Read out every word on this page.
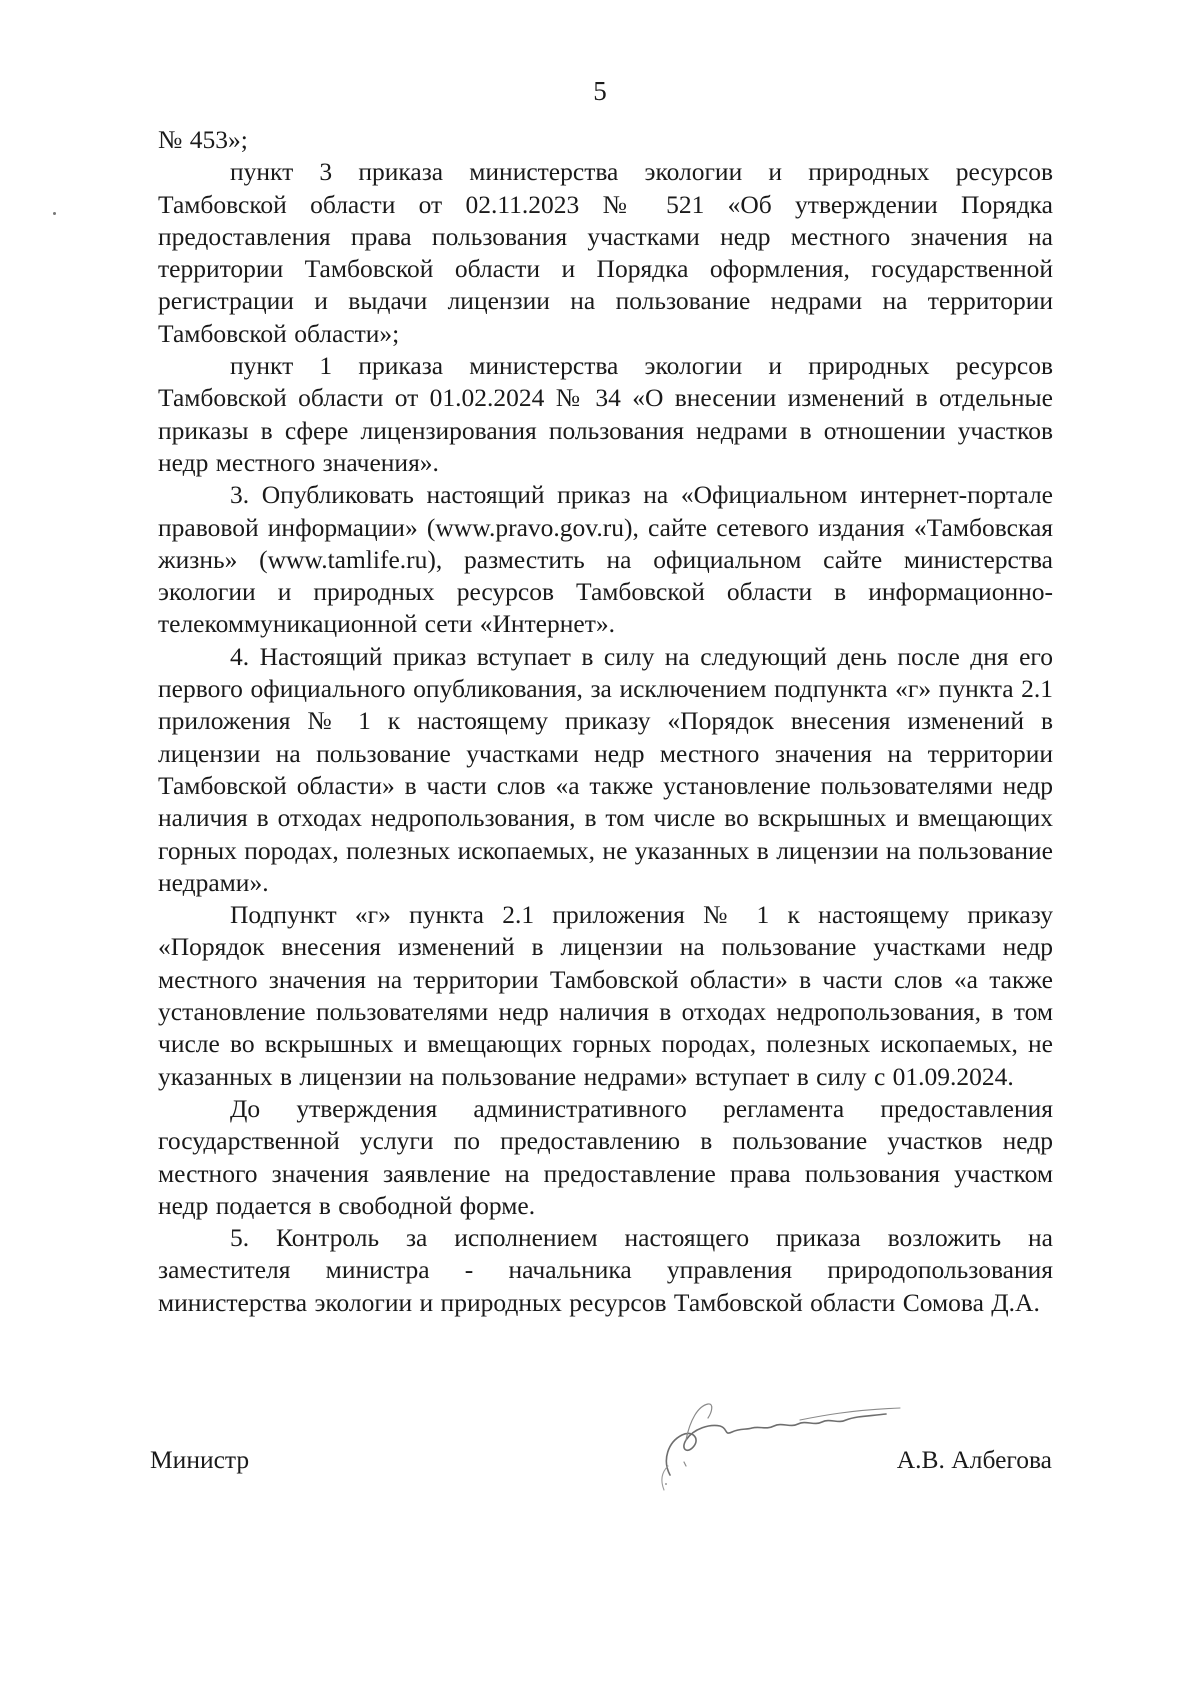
5

№ 453»;

пункт 3 приказа министерства экологии и природных ресурсов Тамбовской области от 02.11.2023 № 521 «Об утверждении Порядка предоставления права пользования участками недр местного значения на территории Тамбовской области и Порядка оформления, государственной регистрации и выдачи лицензии на пользование недрами на территории Тамбовской области»;

пункт 1 приказа министерства экологии и природных ресурсов Тамбовской области от 01.02.2024 № 34 «О внесении изменений в отдельные приказы в сфере лицензирования пользования недрами в отношении участков недр местного значения».

3. Опубликовать настоящий приказ на «Официальном интернет-портале правовой информации» (www.pravo.gov.ru), сайте сетевого издания «Тамбовская жизнь» (www.tamlife.ru), разместить на официальном сайте министерства экологии и природных ресурсов Тамбовской области в информационно-телекоммуникационной сети «Интернет».

4. Настоящий приказ вступает в силу на следующий день после дня его первого официального опубликования, за исключением подпункта «г» пункта 2.1 приложения № 1 к настоящему приказу «Порядок внесения изменений в лицензии на пользование участками недр местного значения на территории Тамбовской области» в части слов «а также установление пользователями недр наличия в отходах недропользования, в том числе во вскрышных и вмещающих горных породах, полезных ископаемых, не указанных в лицензии на пользование недрами».

Подпункт «г» пункта 2.1 приложения № 1 к настоящему приказу «Порядок внесения изменений в лицензии на пользование участками недр местного значения на территории Тамбовской области» в части слов «а также установление пользователями недр наличия в отходах недропользования, в том числе во вскрышных и вмещающих горных породах, полезных ископаемых, не указанных в лицензии на пользование недрами» вступает в силу с 01.09.2024.

До утверждения административного регламента предоставления государственной услуги по предоставлению в пользование участков недр местного значения заявление на предоставление права пользования участком недр подается в свободной форме.

5. Контроль за исполнением настоящего приказа возложить на заместителя министра - начальника управления природопользования министерства экологии и природных ресурсов Тамбовской области Сомова Д.А.

Министр	А.В. Албегова
